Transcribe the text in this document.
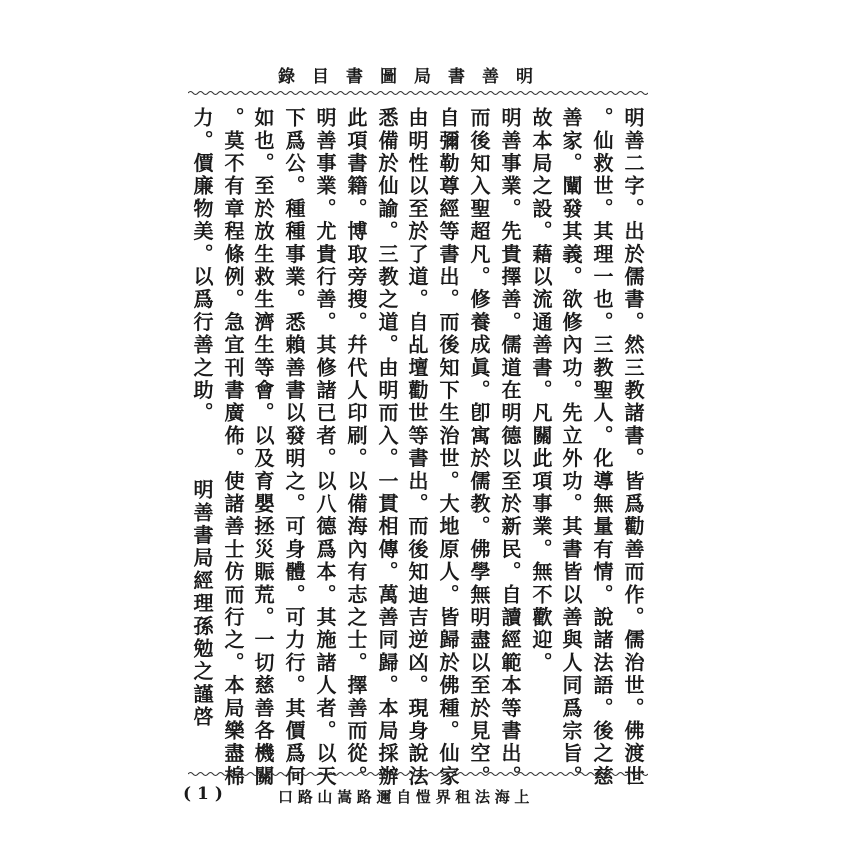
明善書局圖書目錄
明善二字。出於儒書。然三教諸書。皆爲勸善而作。儒治世。佛渡世
。仙救世。其理一也。三教聖人。化導無量有情。說諸法語。後之慈
善家。闡發其義。欲修內功。先立外功。其書皆以善與人同爲宗旨。
故本局之設。藉以流通善書。凡關此項事業。無不歡迎。
明善事業。先貴擇善。儒道在明德以至於新民。自讀經範本等書出。
而後知入聖超凡。修養成眞。卽寓於儒教。佛學無明盡以至於見空。
自彌勒尊經等書出。而後知下生治世。大地原人。皆歸於佛種。仙家
由明性以至於了道。自乩壇勸世等書出。而後知迪吉逆凶。現身說法
悉備於仙諭。三教之道。由明而入。一貫相傳。萬善同歸。本局採辦
此項書籍。博取旁搜。幷代人印刷。以備海內有志之士。擇善而從。
明善事業。尤貴行善。其修諸已者。以八德爲本。其施諸人者。以天
下爲公。種種事業。悉賴善書以發明之。可身體。可力行。其價爲何
如也。至於放生救生濟生等會。以及育嬰拯災賑荒。一切慈善各機關
。莫不有章程條例。急宜刊書廣佈。使諸善士仿而行之。本局樂盡棉
力。價廉物美。以爲行善之助。
明善書局經理孫勉之謹啓
(1)	上海法租界愷自邇路嵩山路口
